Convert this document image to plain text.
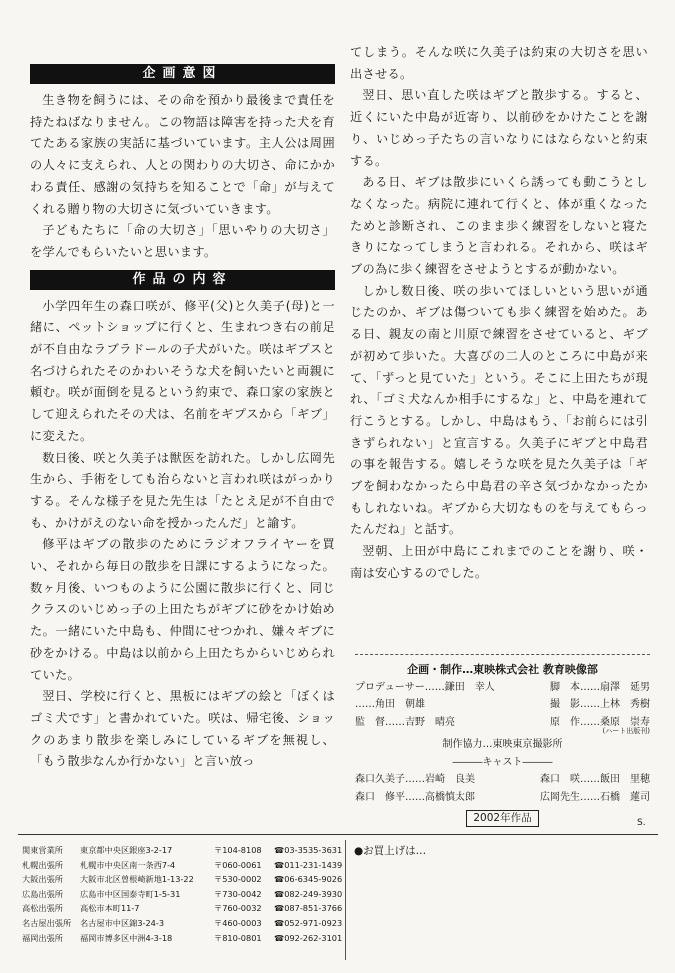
企画意図

生き物を飼うには、その命を預かり最後まで責任を持たねばなりません。この物語は障害を持った犬を育てたある家族の実話に基づいています。主人公は周囲の人々に支えられ、人との関わりの大切さ、命にかかわる責任、感謝の気持ちを知ることで「命」が与えてくれる贈り物の大切さに気づいていきます。

子どもたちに「命の大切さ」「思いやりの大切さ」を学んでもらいたいと思います。

作品の内容

小学四年生の森口咲が、修平(父)と久美子(母)と一緒に、ペットショップに行くと、生まれつき右の前足が不自由なラブラドールの子犬がいた。咲はギプスと名づけられたそのかわいそうな犬を飼いたいと両親に頼む。咲が面倒を見るという約束で、森口家の家族として迎えられたその犬は、名前をギプスから「ギブ」に変えた。

数日後、咲と久美子は獣医を訪れた。しかし広岡先生から、手術をしても治らないと言われ咲はがっかりする。そんな様子を見た先生は「たとえ足が不自由でも、かけがえのない命を授かったんだ」と諭す。

修平はギブの散歩のためにラジオフライヤーを買い、それから毎日の散歩を日課にするようになった。数ヶ月後、いつものように公園に散歩に行くと、同じクラスのいじめっ子の上田たちがギブに砂をかけ始めた。一緒にいた中島も、仲間にせつかれ、嫌々ギブに砂をかける。中島は以前から上田たちからいじめられていた。

翌日、学校に行くと、黒板にはギブの絵と「ぼくはゴミ犬です」と書かれていた。咲は、帰宅後、ショックのあまり散歩を楽しみにしているギブを無視し、「もう散歩なんか行かない」と言い放っ

てしまう。そんな咲に久美子は約束の大切さを思い出させる。

翌日、思い直した咲はギブと散歩する。すると、近くにいた中島が近寄り、以前砂をかけたことを謝り、いじめっ子たちの言いなりにはならないと約束する。

ある日、ギブは散歩にいくら誘っても動こうとしなくなった。病院に連れて行くと、体が重くなったためと診断され、このまま歩く練習をしないと寝たきりになってしまうと言われる。それから、咲はギブの為に歩く練習をさせようとするが動かない。

しかし数日後、咲の歩いてほしいという思いが通じたのか、ギブは傷ついても歩く練習を始めた。ある日、親友の南と川原で練習をさせていると、ギブが初めて歩いた。大喜びの二人のところに中島が来て、「ずっと見ていた」という。そこに上田たちが現れ、「ゴミ犬なんか相手にするな」と、中島を連れて行こうとする。しかし、中島はもう、「お前らには引きずられない」と宣言する。久美子にギブと中島君の事を報告する。嬉しそうな咲を見た久美子は「ギブを飼わなかったら中島君の辛さ気づかなかったかもしれないね。ギブから大切なものを与えてもらったんだね」と話す。

翌朝、上田が中島にこれまでのことを謝り、咲・南は安心するのでした。

企画・制作…東映株式会社 教育映像部
プロデューサー……鎌田　幸人	脚　本……扇澤　延男
……角田　朝雄	撮　影……上林　秀樹
監　督……吉野　晴亮	原　作……桑原　崇寿
(ハート出版刊)
制作協力…東映東京撮影所
―――キャスト―――
森口久美子……岩崎　良美	森口　咲……飯田　里穂
森口　修平……高橋慎太郎	広岡先生……石橋　蓮司
2002年作品	S.
関東営業所	東京都中央区銀座3-2-17	〒104-8108	☎03-3535-3631
札幌出張所	札幌市中央区南一条西7-4	〒060-0061	☎011-231-1439
大阪出張所	大阪市北区曽根崎新地1-13-22	〒530-0002	☎06-6345-9026
広島出張所	広島市中区国泰寺町1-5-31	〒730-0042	☎082-249-3930
高松出張所	高松市本町11-7	〒760-0032	☎087-851-3766
名古屋出張所	名古屋市中区錦3-24-3	〒460-0003	☎052-971-0923
福岡出張所	福岡市博多区中洲4-3-18	〒810-0801	☎092-262-3101
●お買上げは…
